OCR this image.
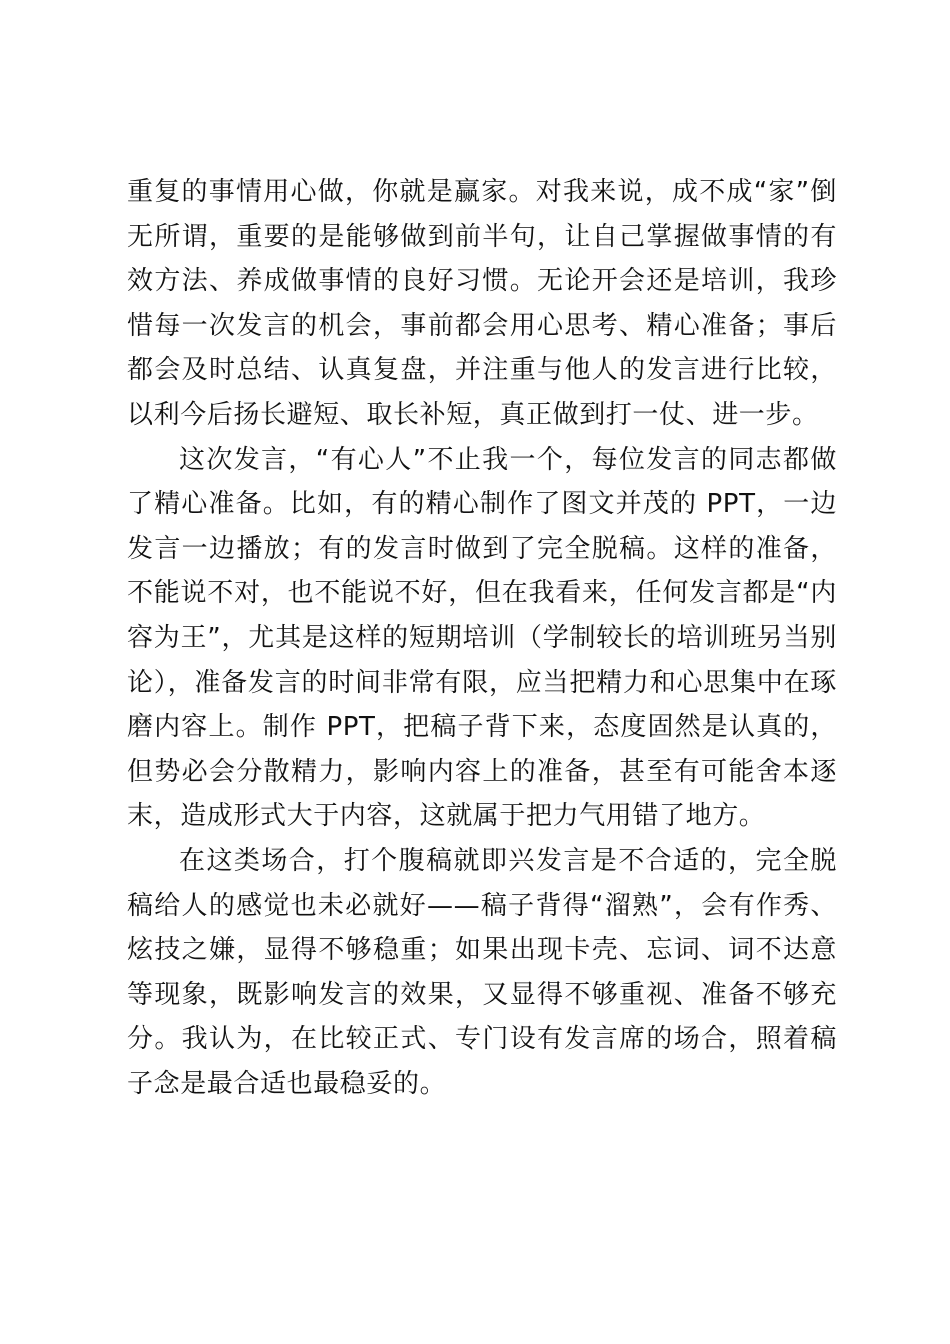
重复的事情用心做，你就是赢家。对我来说，成不成“家”倒无所谓，重要的是能够做到前半句，让自己掌握做事情的有效方法、养成做事情的良好习惯。无论开会还是培训，我珍惜每一次发言的机会，事前都会用心思考、精心准备；事后都会及时总结、认真复盘，并注重与他人的发言进行比较，以利今后扬长避短、取长补短，真正做到打一仗、进一步。

这次发言，“有心人”不止我一个，每位发言的同志都做了精心准备。比如，有的精心制作了图文并茂的 PPT，一边发言一边播放；有的发言时做到了完全脱稿。这样的准备，不能说不对，也不能说不好，但在我看来，任何发言都是“内容为王”，尤其是这样的短期培训（学制较长的培训班另当别论），准备发言的时间非常有限，应当把精力和心思集中在琢磨内容上。制作 PPT，把稿子背下来，态度固然是认真的，但势必会分散精力，影响内容上的准备，甚至有可能舍本逐末，造成形式大于内容，这就属于把力气用错了地方。

在这类场合，打个腹稿就即兴发言是不合适的，完全脱稿给人的感觉也未必就好——稿子背得“溜熟”，会有作秀、炫技之嫌，显得不够稳重；如果出现卡壳、忘词、词不达意等现象，既影响发言的效果，又显得不够重视、准备不够充分。我认为，在比较正式、专门设有发言席的场合，照着稿子念是最合适也最稳妥的。
